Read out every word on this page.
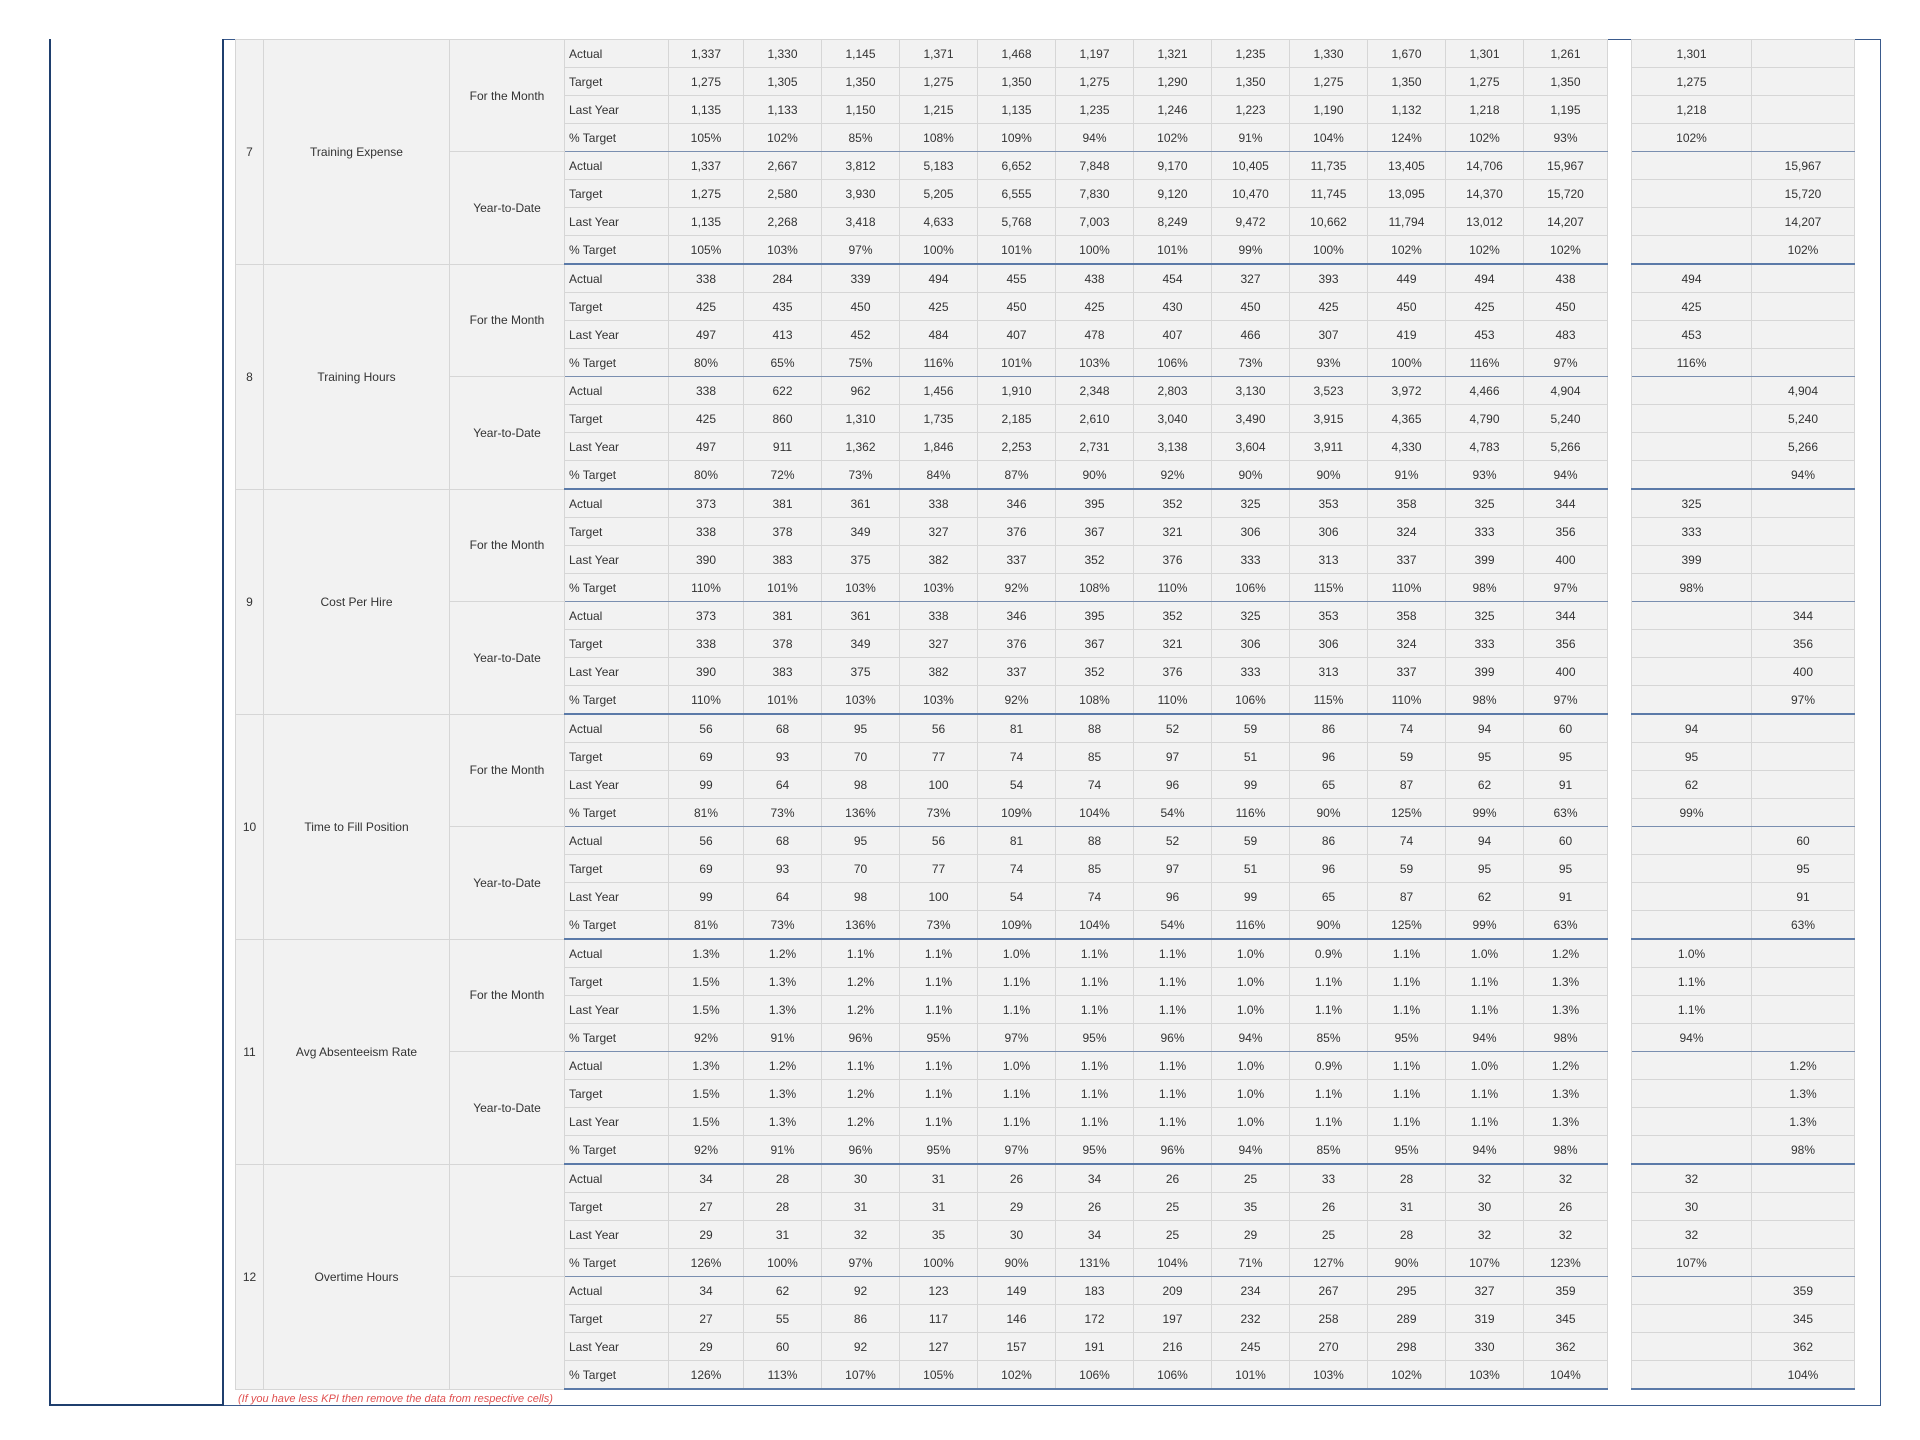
7	Training Expense	For the Month	Actual	1,337	1,330	1,145	1,371	1,468	1,197	1,321	1,235	1,330	1,670	1,301	1,261		1,301	
			Target	1,275	1,305	1,350	1,275	1,350	1,275	1,290	1,350	1,275	1,350	1,275	1,350		1,275	
			Last Year	1,135	1,133	1,150	1,215	1,135	1,235	1,246	1,223	1,190	1,132	1,218	1,195		1,218	
			% Target	105%	102%	85%	108%	109%	94%	102%	91%	104%	124%	102%	93%		102%	
		Year-to-Date	Actual	1,337	2,667	3,812	5,183	6,652	7,848	9,170	10,405	11,735	13,405	14,706	15,967			15,967
			Target	1,275	2,580	3,930	5,205	6,555	7,830	9,120	10,470	11,745	13,095	14,370	15,720			15,720
			Last Year	1,135	2,268	3,418	4,633	5,768	7,003	8,249	9,472	10,662	11,794	13,012	14,207			14,207
			% Target	105%	103%	97%	100%	101%	100%	101%	99%	100%	102%	102%	102%			102%
8	Training Hours	For the Month	Actual	338	284	339	494	455	438	454	327	393	449	494	438		494	
			Target	425	435	450	425	450	425	430	450	425	450	425	450		425	
			Last Year	497	413	452	484	407	478	407	466	307	419	453	483		453	
			% Target	80%	65%	75%	116%	101%	103%	106%	73%	93%	100%	116%	97%		116%	
		Year-to-Date	Actual	338	622	962	1,456	1,910	2,348	2,803	3,130	3,523	3,972	4,466	4,904			4,904
			Target	425	860	1,310	1,735	2,185	2,610	3,040	3,490	3,915	4,365	4,790	5,240			5,240
			Last Year	497	911	1,362	1,846	2,253	2,731	3,138	3,604	3,911	4,330	4,783	5,266			5,266
			% Target	80%	72%	73%	84%	87%	90%	92%	90%	90%	91%	93%	94%			94%
9	Cost Per Hire	For the Month	Actual	373	381	361	338	346	395	352	325	353	358	325	344		325	
			Target	338	378	349	327	376	367	321	306	306	324	333	356		333	
			Last Year	390	383	375	382	337	352	376	333	313	337	399	400		399	
			% Target	110%	101%	103%	103%	92%	108%	110%	106%	115%	110%	98%	97%		98%	
		Year-to-Date	Actual	373	381	361	338	346	395	352	325	353	358	325	344			344
			Target	338	378	349	327	376	367	321	306	306	324	333	356			356
			Last Year	390	383	375	382	337	352	376	333	313	337	399	400			400
			% Target	110%	101%	103%	103%	92%	108%	110%	106%	115%	110%	98%	97%			97%
10	Time to Fill Position	For the Month	Actual	56	68	95	56	81	88	52	59	86	74	94	60		94	
			Target	69	93	70	77	74	85	97	51	96	59	95	95		95	
			Last Year	99	64	98	100	54	74	96	99	65	87	62	91		62	
			% Target	81%	73%	136%	73%	109%	104%	54%	116%	90%	125%	99%	63%		99%	
		Year-to-Date	Actual	56	68	95	56	81	88	52	59	86	74	94	60			60
			Target	69	93	70	77	74	85	97	51	96	59	95	95			95
			Last Year	99	64	98	100	54	74	96	99	65	87	62	91			91
			% Target	81%	73%	136%	73%	109%	104%	54%	116%	90%	125%	99%	63%			63%
11	Avg Absenteeism Rate	For the Month	Actual	1.3%	1.2%	1.1%	1.1%	1.0%	1.1%	1.1%	1.0%	0.9%	1.1%	1.0%	1.2%		1.0%	
			Target	1.5%	1.3%	1.2%	1.1%	1.1%	1.1%	1.1%	1.0%	1.1%	1.1%	1.1%	1.3%		1.1%	
			Last Year	1.5%	1.3%	1.2%	1.1%	1.1%	1.1%	1.1%	1.0%	1.1%	1.1%	1.1%	1.3%		1.1%	
			% Target	92%	91%	96%	95%	97%	95%	96%	94%	85%	95%	94%	98%		94%	
		Year-to-Date	Actual	1.3%	1.2%	1.1%	1.1%	1.0%	1.1%	1.1%	1.0%	0.9%	1.1%	1.0%	1.2%			1.2%
			Target	1.5%	1.3%	1.2%	1.1%	1.1%	1.1%	1.1%	1.0%	1.1%	1.1%	1.1%	1.3%			1.3%
			Last Year	1.5%	1.3%	1.2%	1.1%	1.1%	1.1%	1.1%	1.0%	1.1%	1.1%	1.1%	1.3%			1.3%
			% Target	92%	91%	96%	95%	97%	95%	96%	94%	85%	95%	94%	98%			98%
12	Overtime Hours		Actual	34	28	30	31	26	34	26	25	33	28	32	32		32	
			Target	27	28	31	31	29	26	25	35	26	31	30	26		30	
			Last Year	29	31	32	35	30	34	25	29	25	28	32	32		32	
			% Target	126%	100%	97%	100%	90%	131%	104%	71%	127%	90%	107%	123%		107%	
			Actual	34	62	92	123	149	183	209	234	267	295	327	359			359
			Target	27	55	86	117	146	172	197	232	258	289	319	345			345
			Last Year	29	60	92	127	157	191	216	245	270	298	330	362			362
			% Target	126%	113%	107%	105%	102%	106%	106%	101%	103%	102%	103%	104%			104%
(If you have less KPI then remove the data from respective cells)
